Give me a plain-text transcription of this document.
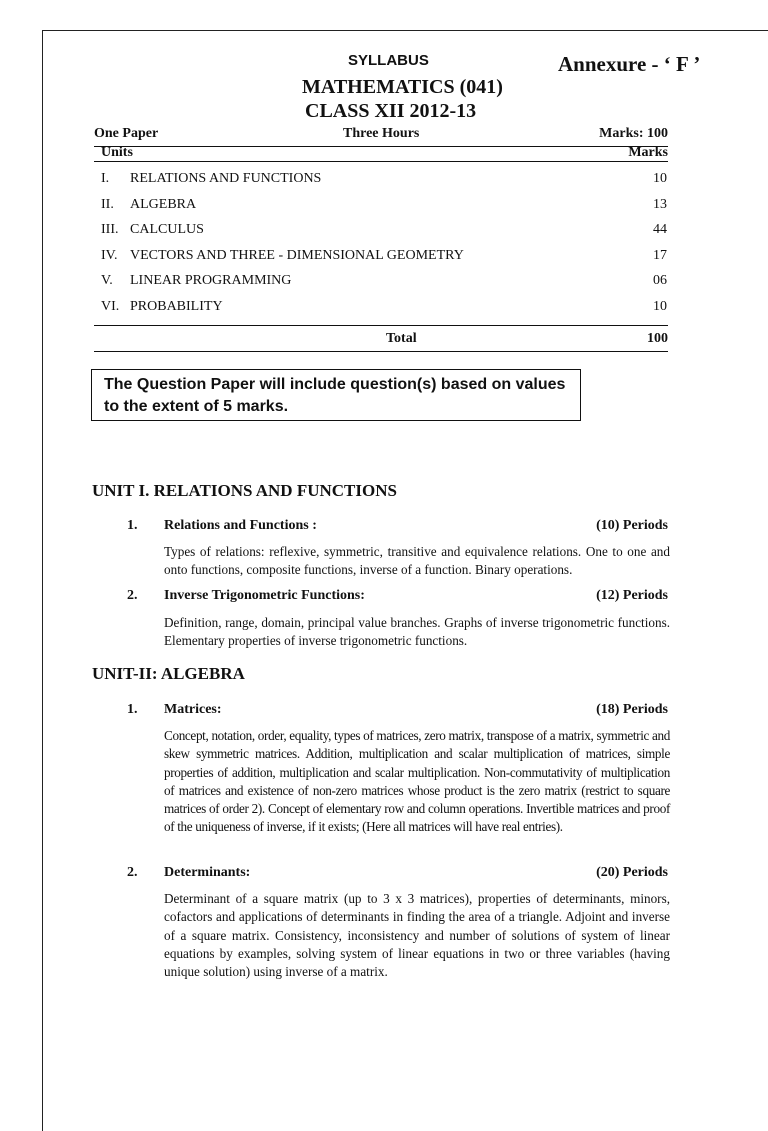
SYLLABUS	Annexure - ‘ F ’
MATHEMATICS (041)
CLASS XII 2012-13
One Paper	Three Hours	Marks: 100
Units	Marks
I. RELATIONS AND FUNCTIONS	10
II. ALGEBRA	13
III. CALCULUS	44
IV. VECTORS AND THREE - DIMENSIONAL GEOMETRY	17
V. LINEAR PROGRAMMING	06
VI. PROBABILITY	10
Total	100
The Question Paper will include question(s) based on values to the extent of 5 marks.
UNIT I. RELATIONS AND FUNCTIONS
1. Relations and Functions :	(10) Periods
Types of relations: reflexive, symmetric, transitive and equivalence relations. One to one and onto functions, composite functions, inverse of a function. Binary operations.
2. Inverse Trigonometric Functions:	(12) Periods
Definition, range, domain, principal value branches. Graphs of inverse trigonometric functions. Elementary properties of inverse trigonometric functions.
UNIT-II: ALGEBRA
1. Matrices:	(18) Periods
Concept, notation, order, equality, types of matrices, zero matrix, transpose of a matrix, symmetric and skew symmetric matrices. Addition, multiplication and scalar multiplication of matrices, simple properties of addition, multiplication and scalar multiplication. Non-commutativity of multiplication of matrices and existence of non-zero matrices whose product is the zero matrix (restrict to square matrices of order 2). Concept of elementary row and column operations. Invertible matrices and proof of the uniqueness of inverse, if it exists; (Here all matrices will have real entries).
2. Determinants:	(20) Periods
Determinant of a square matrix (up to 3 x 3 matrices), properties of determinants, minors, cofactors and applications of determinants in finding the area of a triangle. Adjoint and inverse of a square matrix. Consistency, inconsistency and number of solutions of system of linear equations by examples, solving system of linear equations in two or three variables (having unique solution) using inverse of a matrix.
